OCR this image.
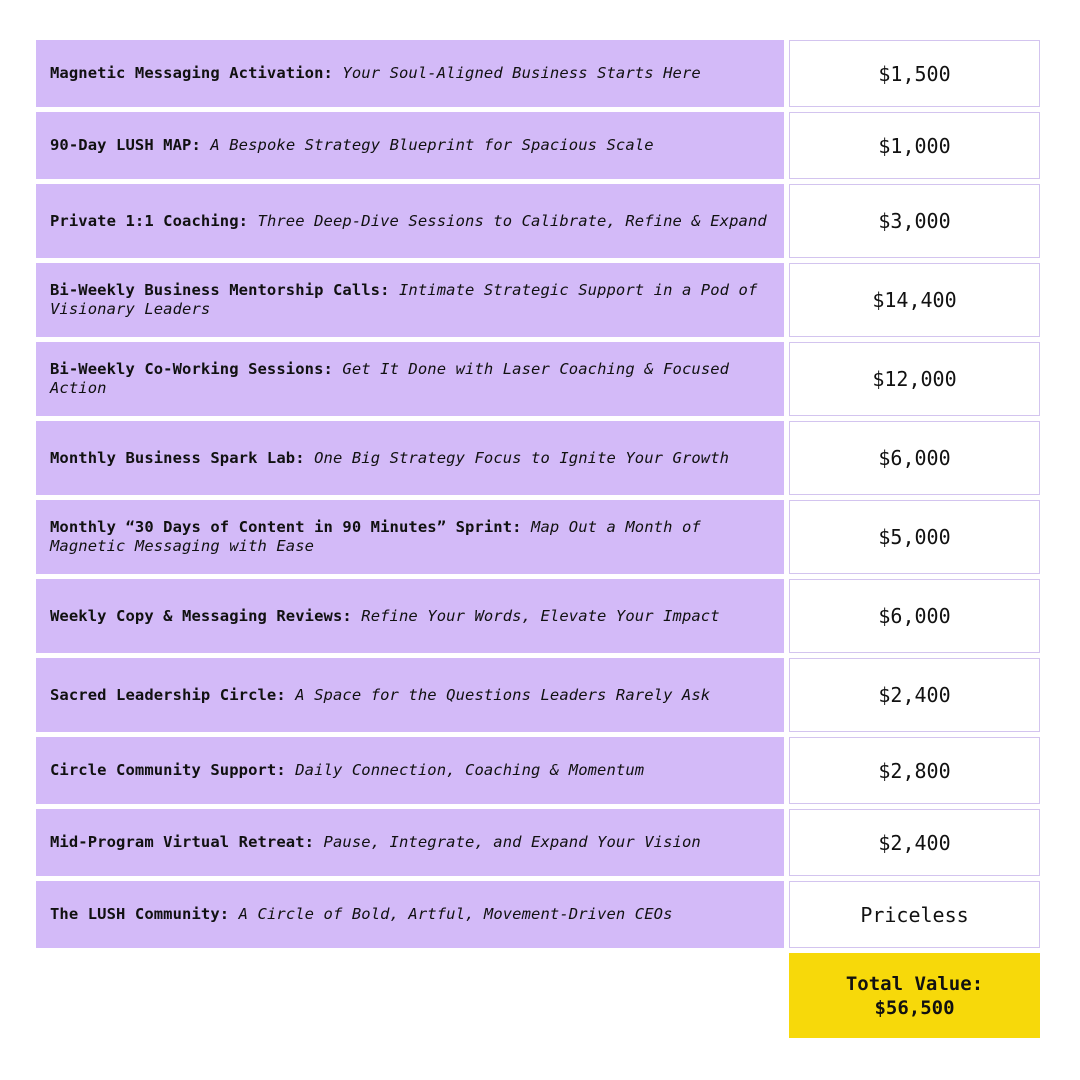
Magnetic Messaging Activation: Your Soul-Aligned Business Starts Here	$1,500
90-Day LUSH MAP: A Bespoke Strategy Blueprint for Spacious Scale	$1,000
Private 1:1 Coaching: Three Deep-Dive Sessions to Calibrate, Refine & Expand	$3,000
Bi-Weekly Business Mentorship Calls: Intimate Strategic Support in a Pod of Visionary Leaders	$14,400
Bi-Weekly Co-Working Sessions: Get It Done with Laser Coaching & Focused Action	$12,000
Monthly Business Spark Lab: One Big Strategy Focus to Ignite Your Growth	$6,000
Monthly “30 Days of Content in 90 Minutes” Sprint: Map Out a Month of Magnetic Messaging with Ease	$5,000
Weekly Copy & Messaging Reviews: Refine Your Words, Elevate Your Impact	$6,000
Sacred Leadership Circle: A Space for the Questions Leaders Rarely Ask	$2,400
Circle Community Support: Daily Connection, Coaching & Momentum	$2,800
Mid-Program Virtual Retreat: Pause, Integrate, and Expand Your Vision	$2,400
The LUSH Community: A Circle of Bold, Artful, Movement-Driven CEOs	Priceless
Total Value:
$56,500
